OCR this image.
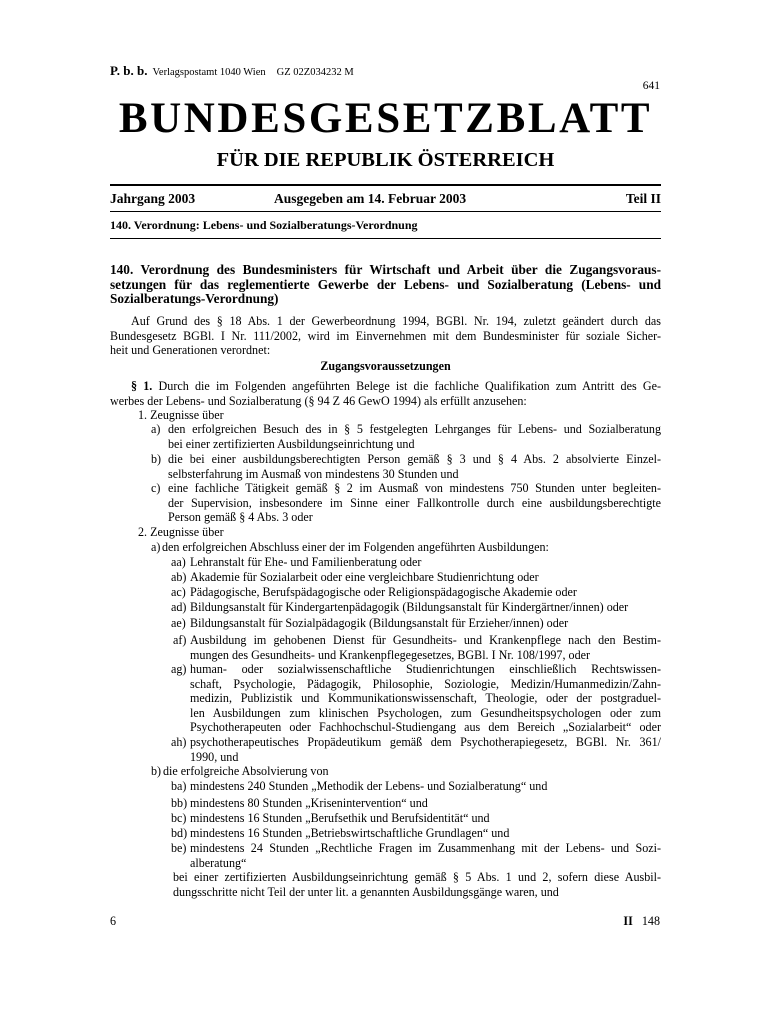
P. b. b. Verlagspostamt 1040 Wien GZ 02Z034232 M
641
BUNDESGESETZBLATT
FÜR DIE REPUBLIK ÖSTERREICH
Jahrgang 2003	Ausgegeben am 14. Februar 2003	Teil II
140. Verordnung: Lebens- und Sozialberatungs-Verordnung
140. Verordnung des Bundesministers für Wirtschaft und Arbeit über die Zugangsvoraus-
setzungen für das reglementierte Gewerbe der Lebens- und Sozialberatung (Lebens- und
Sozialberatungs-Verordnung)
Auf Grund des § 18 Abs. 1 der Gewerbeordnung 1994, BGBl. Nr. 194, zuletzt geändert durch das
Bundesgesetz BGBl. I Nr. 111/2002, wird im Einvernehmen mit dem Bundesminister für soziale Sicher-
heit und Generationen verordnet:
Zugangsvoraussetzungen
§ 1. Durch die im Folgenden angeführten Belege ist die fachliche Qualifikation zum Antritt des Ge-
werbes der Lebens- und Sozialberatung (§ 94 Z 46 GewO 1994) als erfüllt anzusehen:
1. Zeugnisse über
a) den erfolgreichen Besuch des in § 5 festgelegten Lehrganges für Lebens- und Sozialberatung
bei einer zertifizierten Ausbildungseinrichtung und
b) die bei einer ausbildungsberechtigten Person gemäß § 3 und § 4 Abs. 2 absolvierte Einzel-
selbsterfahrung im Ausmaß von mindestens 30 Stunden und
c) eine fachliche Tätigkeit gemäß § 2 im Ausmaß von mindestens 750 Stunden unter begleiten-
der Supervision, insbesondere im Sinne einer Fallkontrolle durch eine ausbildungsberechtigte
Person gemäß § 4 Abs. 3 oder
2. Zeugnisse über
a) den erfolgreichen Abschluss einer der im Folgenden angeführten Ausbildungen:
aa) Lehranstalt für Ehe- und Familienberatung oder
ab) Akademie für Sozialarbeit oder eine vergleichbare Studienrichtung oder
ac) Pädagogische, Berufspädagogische oder Religionspädagogische Akademie oder
ad) Bildungsanstalt für Kindergartenpädagogik (Bildungsanstalt für Kindergärtner/innen) oder
ae) Bildungsanstalt für Sozialpädagogik (Bildungsanstalt für Erzieher/innen) oder
af) Ausbildung im gehobenen Dienst für Gesundheits- und Krankenpflege nach den Bestim-
mungen des Gesundheits- und Krankenpflegegesetzes, BGBl. I Nr. 108/1997, oder
ag) human- oder sozialwissenschaftliche Studienrichtungen einschließlich Rechtswissen-
schaft, Psychologie, Pädagogik, Philosophie, Soziologie, Medizin/Humanmedizin/Zahn-
medizin, Publizistik und Kommunikationswissenschaft, Theologie, oder der postgraduel-
len Ausbildungen zum klinischen Psychologen, zum Gesundheitspsychologen oder zum
Psychotherapeuten oder Fachhochschul-Studiengang aus dem Bereich „Sozialarbeit“ oder
ah) psychotherapeutisches Propädeutikum gemäß dem Psychotherapiegesetz, BGBl. Nr. 361/
1990, und
b) die erfolgreiche Absolvierung von
ba) mindestens 240 Stunden „Methodik der Lebens- und Sozialberatung“ und
bb) mindestens 80 Stunden „Krisenintervention“ und
bc) mindestens 16 Stunden „Berufsethik und Berufsidentität“ und
bd) mindestens 16 Stunden „Betriebswirtschaftliche Grundlagen“ und
be) mindestens 24 Stunden „Rechtliche Fragen im Zusammenhang mit der Lebens- und Sozi-
alberatung“
bei einer zertifizierten Ausbildungseinrichtung gemäß § 5 Abs. 1 und 2, sofern diese Ausbil-
dungsschritte nicht Teil der unter lit. a genannten Ausbildungsgänge waren, und
6	II 148
